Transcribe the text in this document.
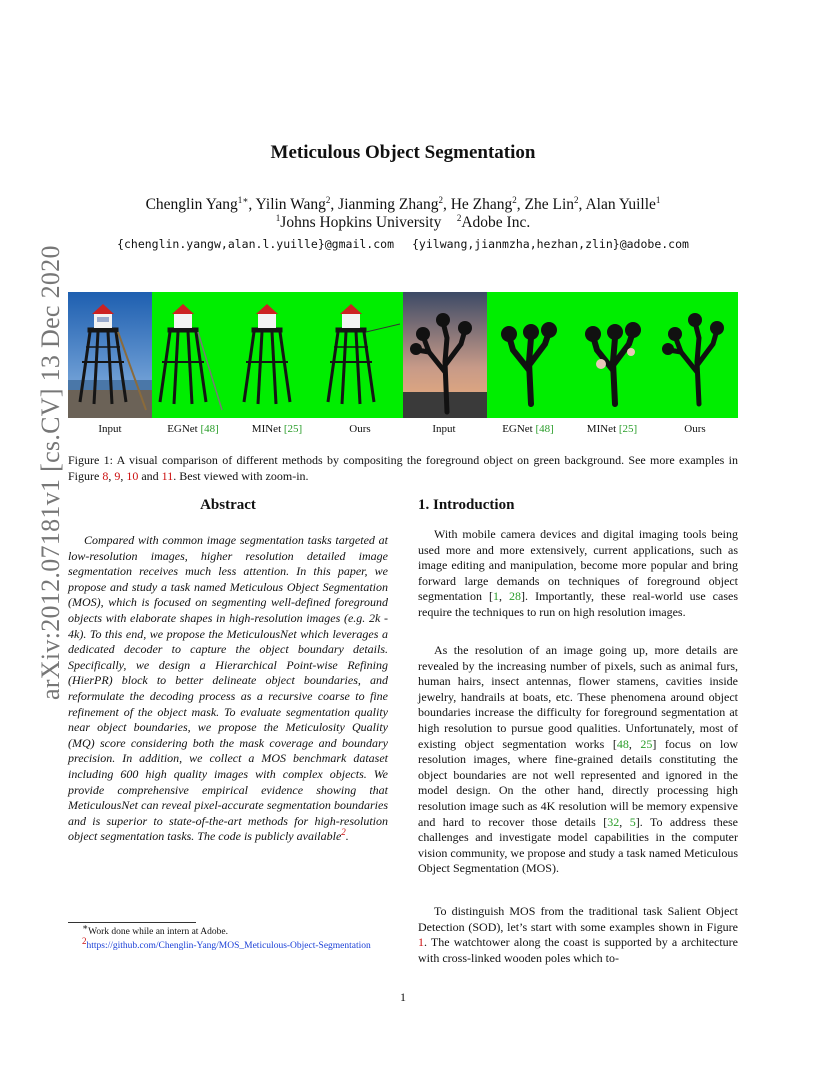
arXiv:2012.07181v1 [cs.CV] 13 Dec 2020
Meticulous Object Segmentation
Chenglin Yang$^{1∗}$, Yilin Wang$^2$, Jianming Zhang$^2$, He Zhang$^2$, Zhe Lin$^2$, Alan Yuille$^1$
$^1$Johns Hopkins University $^2$Adobe Inc.
{chenglin.yangw,alan.l.yuille}@gmail.com {yilwang,jianmzha,hezhan,zlin}@adobe.com
Input	EGNet [48]	MINet [25]	Ours	Input	EGNet [48]	MINet [25]	Ours
Figure 1: A visual comparison of different methods by compositing the foreground object on green background. See more examples in Figure 8, 9, 10 and 11. Best viewed with zoom-in.
Abstract
Compared with common image segmentation tasks targeted at low-resolution images, higher resolution detailed image segmentation receives much less attention. In this paper, we propose and study a task named Meticulous Object Segmentation (MOS), which is focused on segmenting well-defined foreground objects with elaborate shapes in high-resolution images (e.g. 2k - 4k). To this end, we propose the MeticulousNet which leverages a dedicated decoder to capture the object boundary details. Specifically, we design a Hierarchical Point-wise Refining (HierPR) block to better delineate object boundaries, and reformulate the decoding process as a recursive coarse to fine refinement of the object mask. To evaluate segmentation quality near object boundaries, we propose the Meticulosity Quality (MQ) score considering both the mask coverage and boundary precision. In addition, we collect a MOS benchmark dataset including 600 high quality images with complex objects. We provide comprehensive empirical evidence showing that MeticulousNet can reveal pixel-accurate segmentation boundaries and is superior to state-of-the-art methods for high-resolution object segmentation tasks. The code is publicly available$^2$.
1. Introduction
With mobile camera devices and digital imaging tools being used more and more extensively, current applications, such as image editing and manipulation, become more popular and bring forward large demands on techniques of foreground object segmentation [1, 28]. Importantly, these real-world use cases require the techniques to run on high resolution images.
As the resolution of an image going up, more details are revealed by the increasing number of pixels, such as animal furs, human hairs, insect antennas, flower stamens, cavities inside jewelry, handrails at boats, etc. These phenomena around object boundaries increase the difficulty for foreground segmentation at high resolution to pursue good qualities. Unfortunately, most of existing object segmentation works [48, 25] focus on low resolution images, where fine-grained details constituting the object boundaries are not well represented and ignored in the model design. On the other hand, directly processing high resolution image such as 4K resolution will be memory expensive and hard to recover those details [32, 5]. To address these challenges and investigate model capabilities in the computer vision community, we propose and study a task named Meticulous Object Segmentation (MOS).
To distinguish MOS from the traditional task Salient Object Detection (SOD), let’s start with some examples shown in Figure 1. The watchtower along the coast is supported by a architecture with cross-linked wooden poles which to-
∗Work done while an intern at Adobe.
$^2$https://github.com/Chenglin-Yang/MOS_Meticulous-Object-Segmentation
1
